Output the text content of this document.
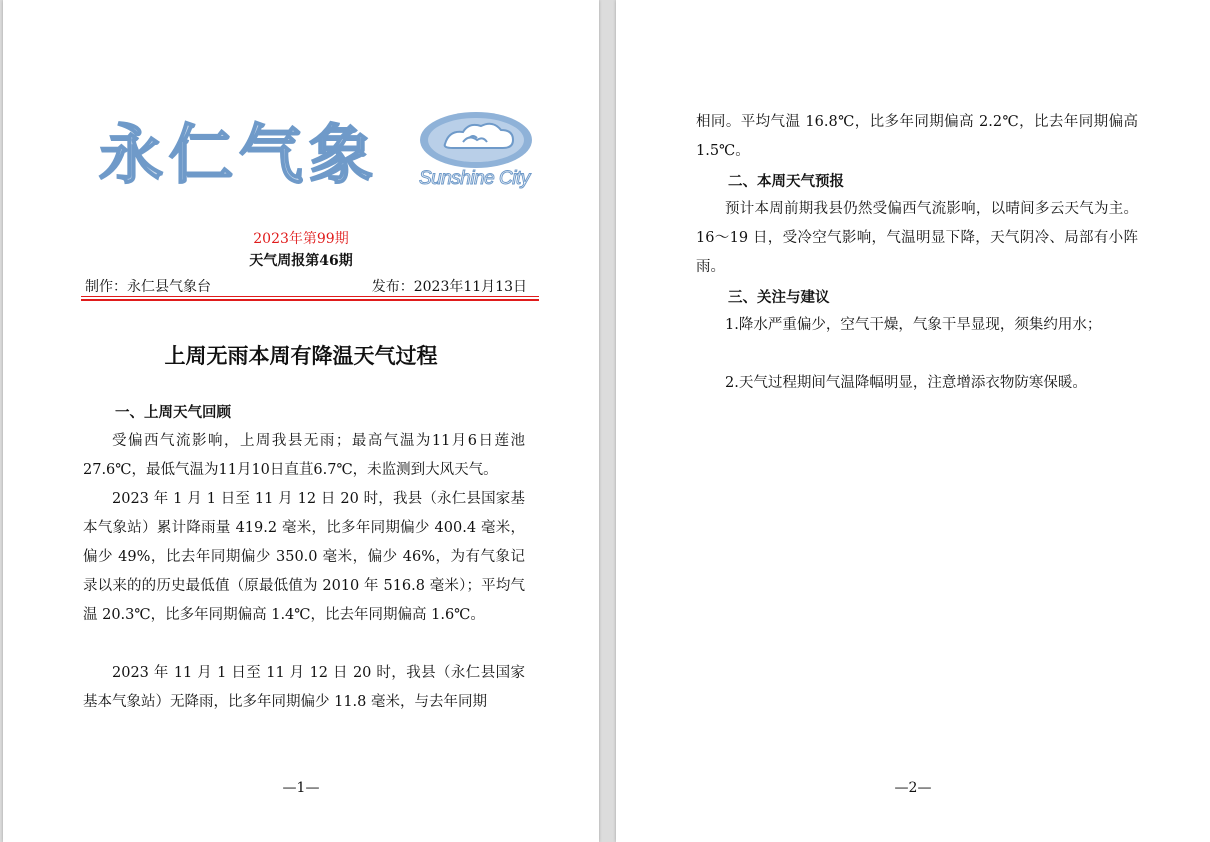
永仁气象 Sunshine City
2023年第99期
天气周报第46期
制作：永仁县气象台	发布：2023年11月13日
上周无雨本周有降温天气过程
一、上周天气回顾
受偏西气流影响，上周我县无雨；最高气温为11月6日莲池27.6℃，最低气温为11月10日直苴6.7℃，未监测到大风天气。
2023 年 1 月 1 日至 11 月 12 日 20 时，我县（永仁县国家基本气象站）累计降雨量 419.2 毫米，比多年同期偏少 400.4 毫米，偏少 49%，比去年同期偏少 350.0 毫米，偏少 46%，为有气象记录以来的的历史最低值（原最低值为 2010 年 516.8 毫米）；平均气温 20.3℃，比多年同期偏高 1.4℃，比去年同期偏高 1.6℃。
2023 年 11 月 1 日至 11 月 12 日 20 时，我县（永仁县国家基本气象站）无降雨，比多年同期偏少 11.8 毫米，与去年同期
—1—
相同。平均气温 16.8℃，比多年同期偏高 2.2℃，比去年同期偏高 1.5℃。
二、本周天气预报
预计本周前期我县仍然受偏西气流影响，以晴间多云天气为主。16～19 日，受冷空气影响，气温明显下降，天气阴冷、局部有小阵雨。
三、关注与建议
1.降水严重偏少，空气干燥，气象干旱显现，须集约用水；
2.天气过程期间气温降幅明显，注意增添衣物防寒保暖。
—2—
